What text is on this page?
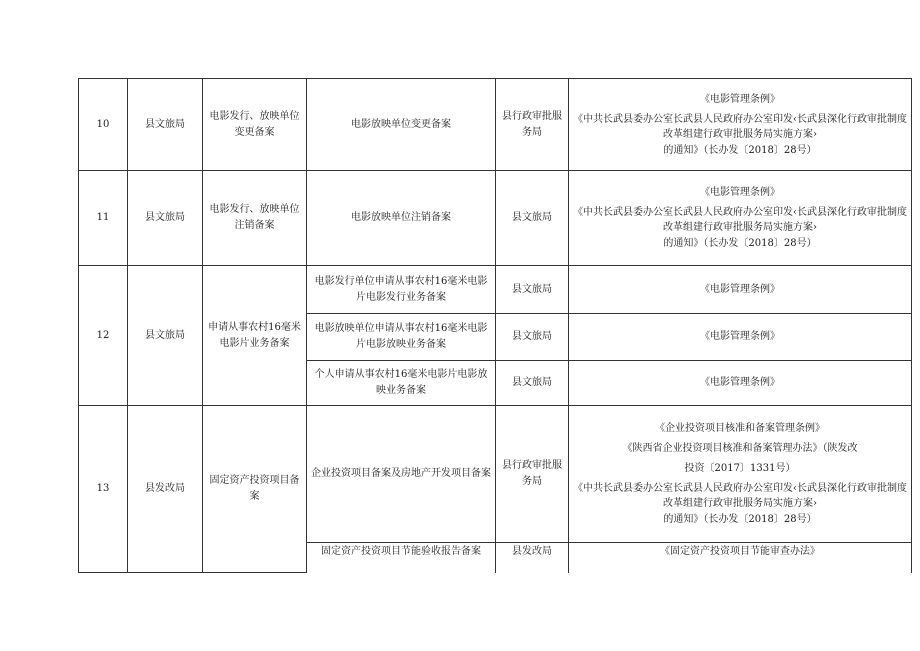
10	县文旅局	电影发行、放映单位变更备案	电影放映单位变更备案	县行政审批服务局	《电影管理条例》

《中共长武县委办公室长武县人民政府办公室印发‹长武县深化行政审批制度改革组建行政审批服务局实施方案›

的通知》（长办发〔2018〕28号）

11	县文旅局	电影发行、放映单位注销备案	电影放映单位注销备案	县文旅局	《电影管理条例》

《中共长武县委办公室长武县人民政府办公室印发‹长武县深化行政审批制度改革组建行政审批服务局实施方案›

的通知》（长办发〔2018〕28号）

12	县文旅局	申请从事农村16毫米电影片业务备案	电影发行单位申请从事农村16毫米电影片电影发行业务备案	县文旅局	《电影管理条例》
			电影放映单位申请从事农村16毫米电影片电影放映业务备案	县文旅局	《电影管理条例》
			个人申请从事农村16毫米电影片电影放映业务备案	县文旅局	《电影管理条例》
13	县发改局	固定资产投资项目备案	企业投资项目备案及房地产开发项目备案	县行政审批服务局	《企业投资项目核准和备案管理条例》

《陕西省企业投资项目核准和备案管理办法》（陕发改

投资〔2017〕1331号）

《中共长武县委办公室长武县人民政府办公室印发‹长武县深化行政审批制度改革组建行政审批服务局实施方案›

的通知》（长办发〔2018〕28号）

			固定资产投资项目节能验收报告备案	县发改局	《固定资产投资项目节能审查办法》
